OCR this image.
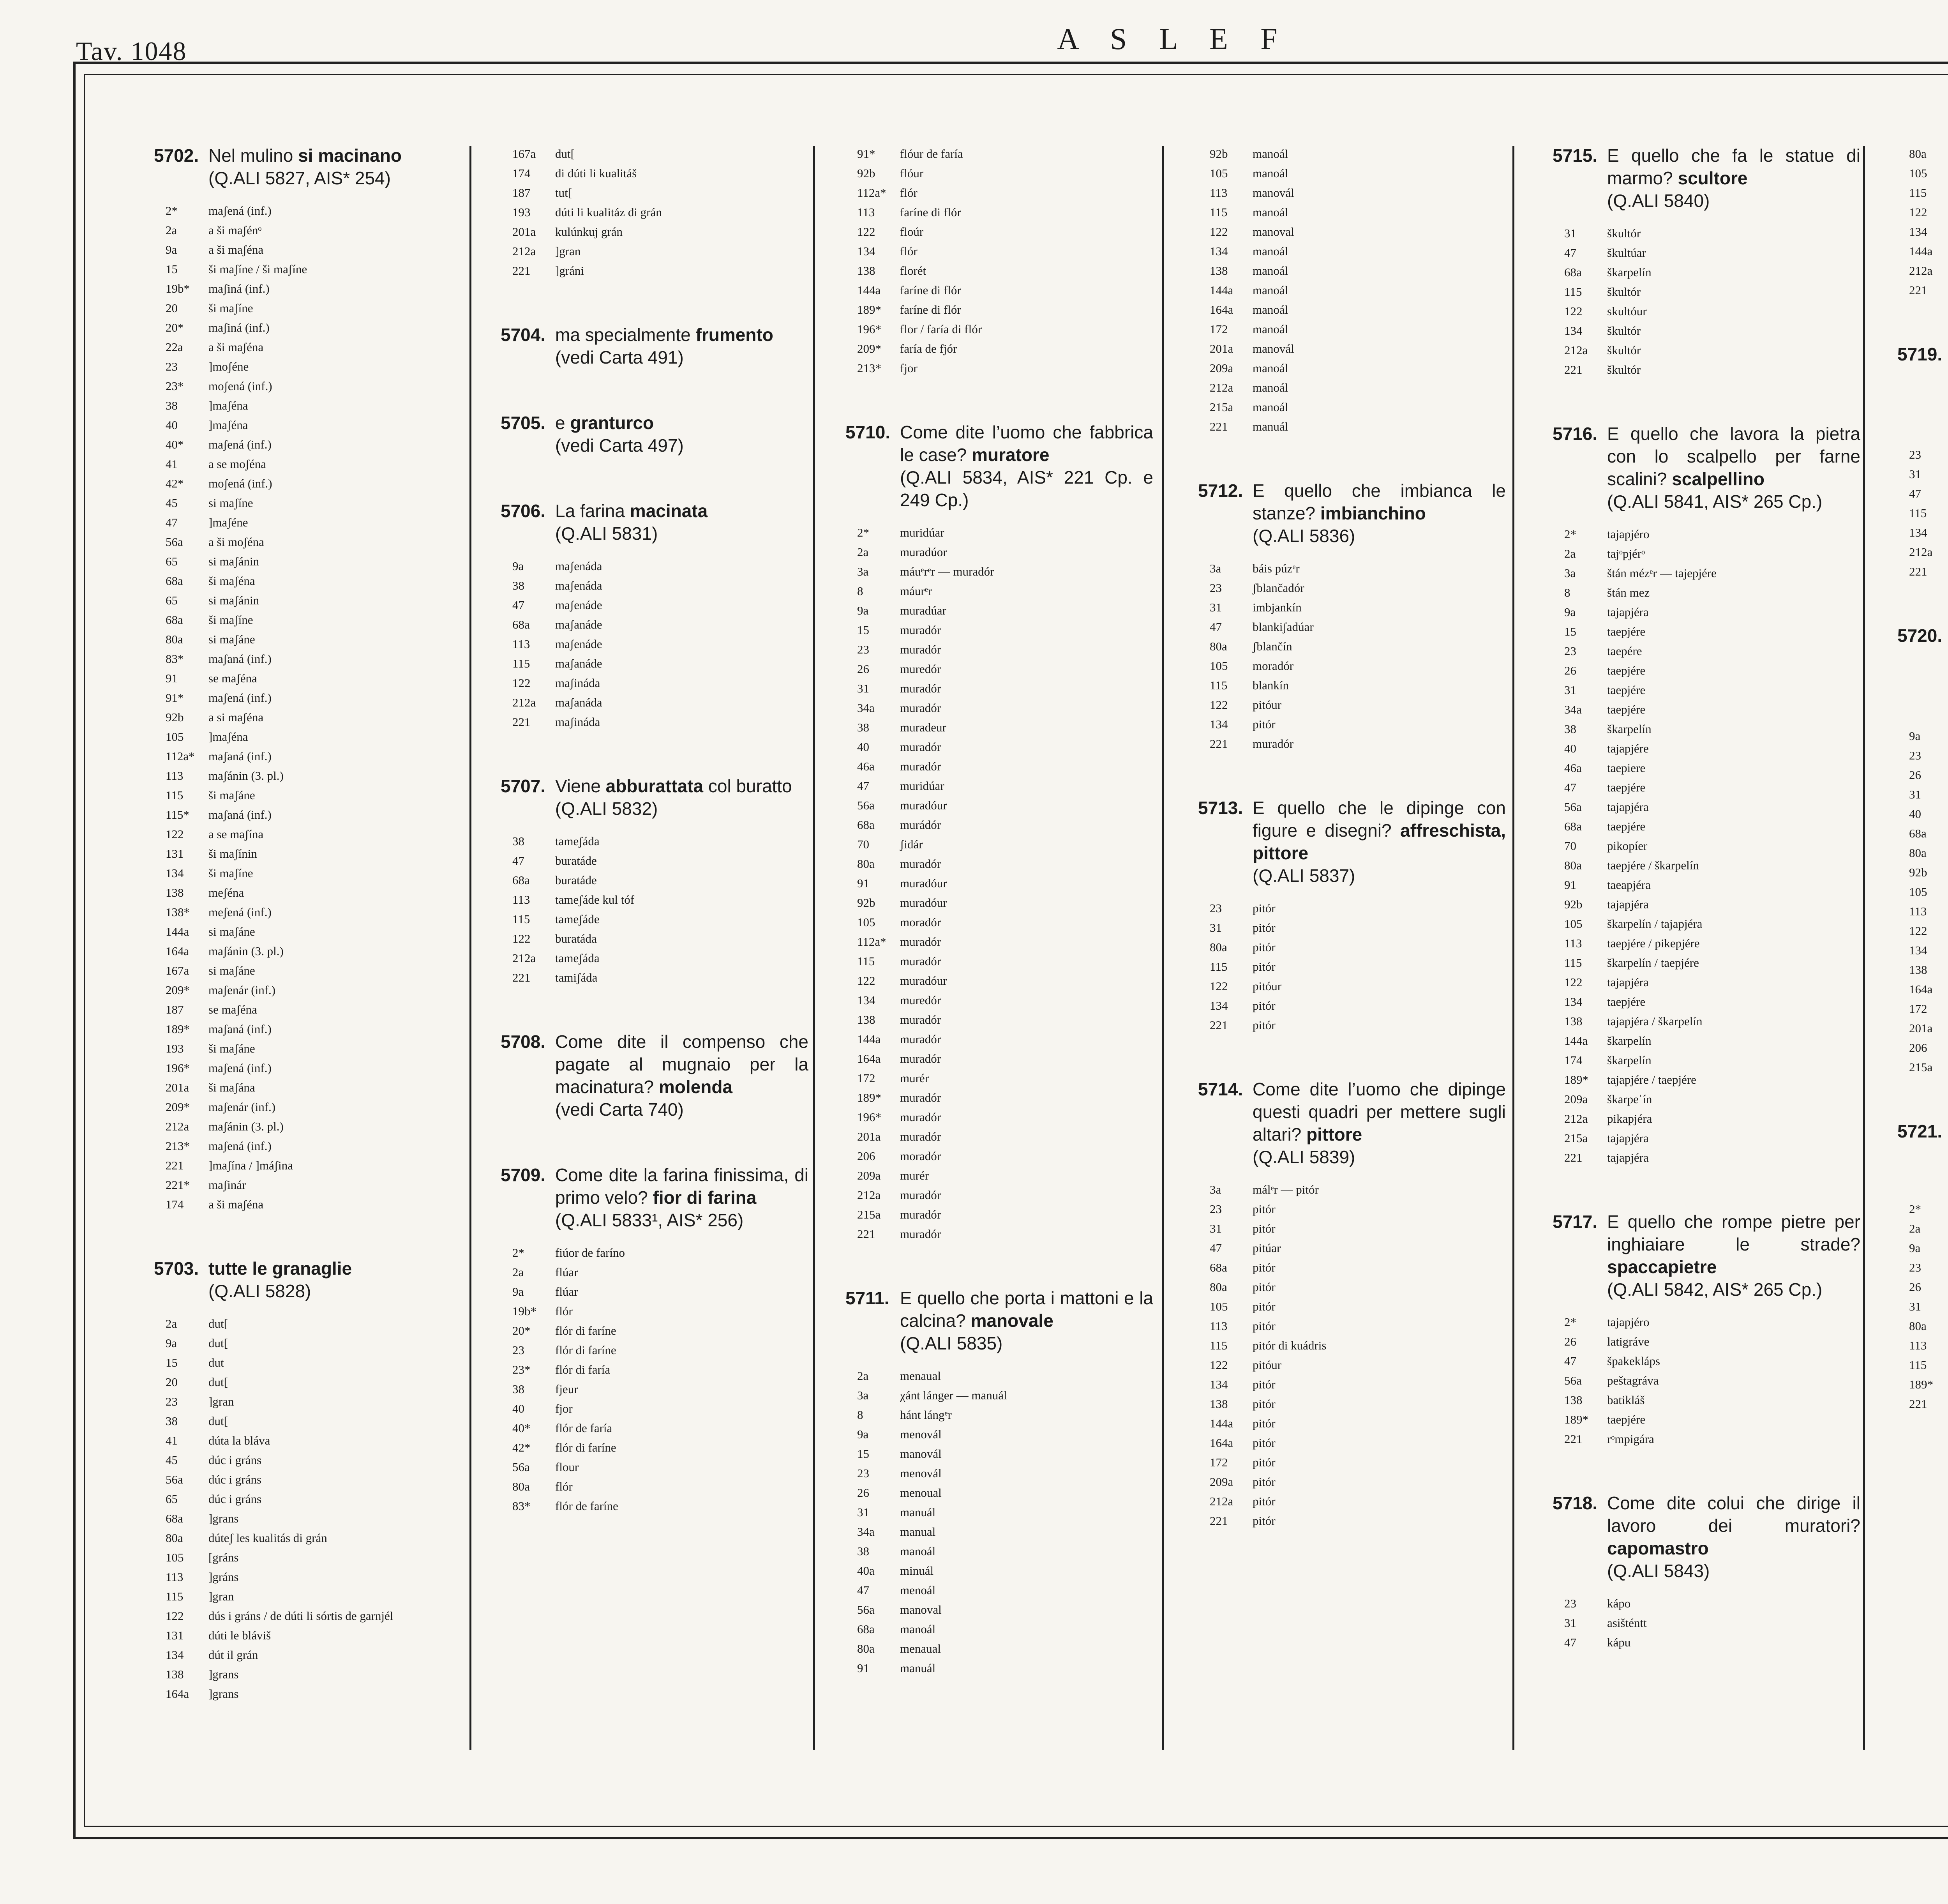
Tav. 1048	A S L E F
5702. Nel mulino si macinano
(Q.ALI 5827, AIS* 254)
2*	maʃená (inf.)
2a	a ši maʃénᵒ
9a	a ši maʃéna
15	ši maʃíne / ši maʃíne
19b*	maʃiná (inf.)
20	ši maʃíne
20*	maʃiná (inf.)
22a	a ši maʃéna
23	]moʃéne
23*	moʃená (inf.)
38	]maʃéna
40	]maʃéna
40*	maʃená (inf.)
41	a se moʃéna
42*	moʃená (inf.)
45	si maʃíne
47	]maʃéne
56a	a ši moʃéna
65	si maʃánin
68a	ši maʃéna
65	si maʃánin
68a	ši maʃíne
80a	si maʃáne
83*	maʃaná (inf.)
91	se maʃéna
91*	maʃená (inf.)
92b	a si maʃéna
105	]maʃéna
112a*	maʃaná (inf.)
113	maʃánin (3. pl.)
115	ši maʃáne
115*	maʃaná (inf.)
122	a se maʃína
131	ši maʃínin
134	ši maʃíne
138	meʃéna
138*	meʃená (inf.)
144a	si maʃáne
164a	maʃánin (3. pl.)
167a	si maʃáne
209*	maʃenár (inf.)
187	se maʃéna
189*	maʃaná (inf.)
193	ši maʃáne
196*	maʃená (inf.)
201a	ši maʃána
209*	maʃenár (inf.)
212a	maʃánin (3. pl.)
213*	maʃená (inf.)
221	]maʃína / ]máʃina
221*	maʃinár
174	a ši maʃéna
5703. tutte le granaglie
(Q.ALI 5828)
2a	dut[
9a	dut[
15	dut
20	dut[
23	]gran
38	dut[
41	dúta la bláva
45	dúc i gráns
56a	dúc i gráns
65	dúc i gráns
68a	]grans
80a	dúteʃ les kualitás di grán
105	[gráns
113	]gráns
115	]gran
122	dús i gráns / de dúti li sórtis de garnjél
131	dúti le bláviš
134	dút il grán
138	]grans
164a	]grans
167a	dut[
174	di dúti li kualitáš
187	tut[
193	dúti li kualitáz di grán
201a	kulúnkuj grán
212a	]gran
221	]gráni
5704. ma specialmente frumento
(vedi Carta 491)
5705. e granturco
(vedi Carta 497)
5706. La farina macinata
(Q.ALI 5831)
9a	maʃenáda
38	maʃenáda
47	maʃenáde
68a	maʃanáde
113	maʃenáde
115	maʃanáde
122	maʃináda
212a	maʃanáda
221	maʃináda
5707. Viene abburattata col buratto
(Q.ALI 5832)
38	tameʃáda
47	buratáde
68a	buratáde
113	tameʃáde kul tóf
115	tameʃáde
122	buratáda
212a	tameʃáda
221	tamiʃáda
5708. Come dite il compenso che pagate al mugnaio per la macinatura? molenda
(vedi Carta 740)
5709. Come dite la farina finissima, di primo velo? fior di farina
(Q.ALI 5833¹, AIS* 256)
2*	fiúor de faríno
2a	flúar
9a	flúar
19b*	flór
20*	flór di faríne
23	flór di faríne
23*	flór di faría
38	fjeur
40	fjor
40*	flór de faría
42*	flór di faríne
56a	flour
80a	flór
83*	flór de faríne
91*	flóur de faría
92b	flóur
112a*	flór
113	faríne di flór
122	floúr
134	flór
138	florét
144a	faríne di flór
189*	faríne di flór
196*	flor / faría di flór
209*	faría de fjór
213*	fjor
5710. Come dite l’uomo che fabbrica le case? muratore
(Q.ALI 5834, AIS* 221 Cp. e 249 Cp.)
2*	muridúar
2a	muradúor
3a	máuᵉrᵉr — muradór
8	máurᵉr
9a	muradúar
15	muradór
23	muradór
26	muredór
31	muradór
34a	muradór
38	muradeur
40	muradór
46a	muradór
47	muridúar
56a	muradóur
68a	murádór
70	ʃidár
80a	muradór
91	muradóur
92b	muradóur
105	moradór
112a*	muradór
115	muradór
122	muradóur
134	muredór
138	muradór
144a	muradór
164a	muradór
172	murér
189*	muradór
196*	muradór
201a	muradór
206	moradór
209a	murér
212a	muradór
215a	muradór
221	muradór
5711. E quello che porta i mattoni e la calcina? manovale
(Q.ALI 5835)
2a	menaual
3a	χánt lánger — manuál
8	hánt lángᵉr
9a	menovál
15	manovál
23	menovál
26	menoual
31	manuál
34a	manual
38	manoál
40a	minuál
47	menoál
56a	manoval
68a	manoál
80a	menaual
91	manuál
92b	manoál
105	manoál
113	manovál
115	manoál
122	manoval
134	manoál
138	manoál
144a	manoál
164a	manoál
172	manoál
201a	manovál
209a	manoál
212a	manoál
215a	manoál
221	manuál
5712. E quello che imbianca le stanze? imbianchino
(Q.ALI 5836)
3a	báis púzᵉr
23	ʃblančadór
31	imbjankín
47	blankiʃadúar
80a	ʃblančín
105	moradór
115	blankín
122	pitóur
134	pitór
221	muradór
5713. E quello che le dipinge con figure e disegni? affreschista, pittore
(Q.ALI 5837)
23	pitór
31	pitór
80a	pitór
115	pitór
122	pitóur
134	pitór
221	pitór
5714. Come dite l’uomo che dipinge questi quadri per mettere sugli altari? pittore
(Q.ALI 5839)
3a	málᵉr — pitór
23	pitór
31	pitór
47	pitúar
68a	pitór
80a	pitór
105	pitór
113	pitór
115	pitór di kuádris
122	pitóur
134	pitór
138	pitór
144a	pitór
164a	pitór
172	pitór
209a	pitór
212a	pitór
221	pitór
5715. E quello che fa le statue di marmo? scultore
(Q.ALI 5840)
31	škultór
47	škultúar
68a	škarpelín
115	škultór
122	skultóur
134	škultór
212a	škultór
221	škultór
5716. E quello che lavora la pietra con lo scalpello per farne scalini? scalpellino
(Q.ALI 5841, AIS* 265 Cp.)
2*	tajapjéro
2a	tajᵒpjérᵒ
3a	štán mézᵉr — tajepjére
8	štán mez
9a	tajapjéra
15	taepjére
23	taepére
26	taepjére
31	taepjére
34a	taepjére
38	škarpelín
40	tajapjére
46a	taepiere
47	taepjére
56a	tajapjéra
68a	taepjére
70	pikopíer
80a	taepjére / škarpelín
91	taeapjéra
92b	tajapjéra
105	škarpelín / tajapjéra
113	taepjére / pikepjére
115	škarpelín / taepjére
122	tajapjéra
134	taepjére
138	tajapjéra / škarpelín
144a	škarpelín
174	škarpelín
189*	tajapjére / taepjére
209a	škarpeˈín
212a	pikapjéra
215a	tajapjéra
221	tajapjéra
5717. E quello che rompe pietre per inghiaiare le strade? spaccapietre
(Q.ALI 5842, AIS* 265 Cp.)
2*	tajapjéro
26	latigráve
47	špakekláps
56a	peštagráva
138	batikláš
189*	taepjére
221	rᵒmpigára
5718. Come dite colui che dirige il lavoro dei muratori? capomastro
(Q.ALI 5843)
23	kápo
31	asišténtt
47	kápu
80a
105
115
122
134
144a
212a
221
5719.
23
31
47
115
134
212a
221
5720.
9a
23
26
31
40
68a
80a
92b
105
113
122
134
138
164a
172
201a
206
215a
5721.
2*
2a
9a
23
26
31
80a
113
115
189*
221
